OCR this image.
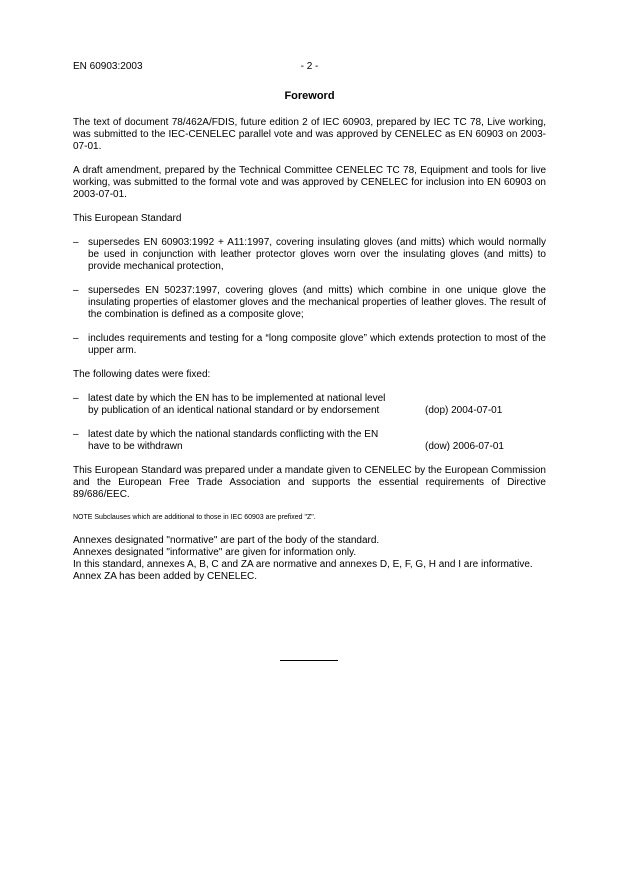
EN 60903:2003	- 2 -
Foreword

The text of document 78/462A/FDIS, future edition 2 of IEC 60903, prepared by IEC TC 78, Live working, was submitted to the IEC-CENELEC parallel vote and was approved by CENELEC as EN 60903 on 2003-07-01.

A draft amendment, prepared by the Technical Committee CENELEC TC 78, Equipment and tools for live working, was submitted to the formal vote and was approved by CENELEC for inclusion into EN 60903 on 2003-07-01.

This European Standard

– supersedes EN 60903:1992 + A11:1997, covering insulating gloves (and mitts) which would normally be used in conjunction with leather protector gloves worn over the insulating gloves (and mitts) to provide mechanical protection,
– supersedes EN 50237:1997, covering gloves (and mitts) which combine in one unique glove the insulating properties of elastomer gloves and the mechanical properties of leather gloves. The result of the combination is defined as a composite glove;
– includes requirements and testing for a “long composite glove” which extends protection to most of the upper arm.

The following dates were fixed:

– latest date by which the EN has to be implemented at national level by publication of an identical national standard or by endorsement	(dop) 2004-07-01
– latest date by which the national standards conflicting with the EN have to be withdrawn	(dow) 2006-07-01

This European Standard was prepared under a mandate given to CENELEC by the European Commission and the European Free Trade Association and supports the essential requirements of Directive 89/686/EEC.

NOTE Subclauses which are additional to those in IEC 60903 are prefixed "Z".
Annexes designated "normative" are part of the body of the standard.
Annexes designated "informative" are given for information only.
In this standard, annexes A, B, C and ZA are normative and annexes D, E, F, G, H and I are informative.
Annex ZA has been added by CENELEC.
